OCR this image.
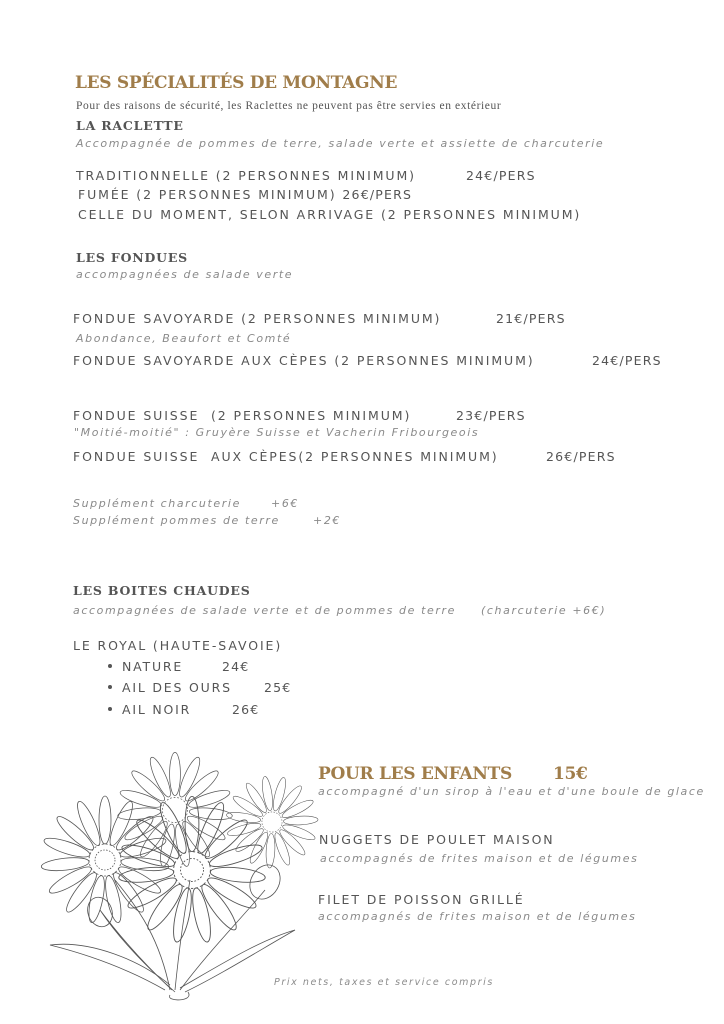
LES SPÉCIALITÉS DE MONTAGNE
Pour des raisons de sécurité, les Raclettes ne peuvent pas être servies en extérieur
LA RACLETTE
Accompagnée de pommes de terre, salade verte et assiette de charcuterie
TRADITIONNELLE (2 PERSONNES MINIMUM)	24€/PERS
FUMÉE (2 PERSONNES MINIMUM) 26€/PERS
CELLE DU MOMENT, SELON ARRIVAGE (2 PERSONNES MINIMUM)
LES FONDUES
accompagnées de salade verte
FONDUE SAVOYARDE (2 PERSONNES MINIMUM)	21€/PERS
Abondance, Beaufort et Comté
FONDUE SAVOYARDE AUX CÈPES (2 PERSONNES MINIMUM)	24€/PERS
FONDUE SUISSE  (2 PERSONNES MINIMUM)	23€/PERS
"Moitié-moitié" : Gruyère Suisse et Vacherin Fribourgeois
FONDUE SUISSE  AUX CÈPES(2 PERSONNES MINIMUM)	26€/PERS
Supplément charcuterie	+6€
Supplément pommes de terre	+2€
LES BOITES CHAUDES
accompagnées de salade verte et de pommes de terre (charcuterie +6€)
LE ROYAL (HAUTE-SAVOIE)
NATURE	24€
AIL DES OURS	25€
AIL NOIR	26€
POUR LES ENFANTS 15€
accompagné d'un sirop à l'eau et d'une boule de glace
NUGGETS DE POULET MAISON
accompagnés de frites maison et de légumes
FILET DE POISSON GRILLÉ
accompagnés de frites maison et de légumes
Prix nets, taxes et service compris
